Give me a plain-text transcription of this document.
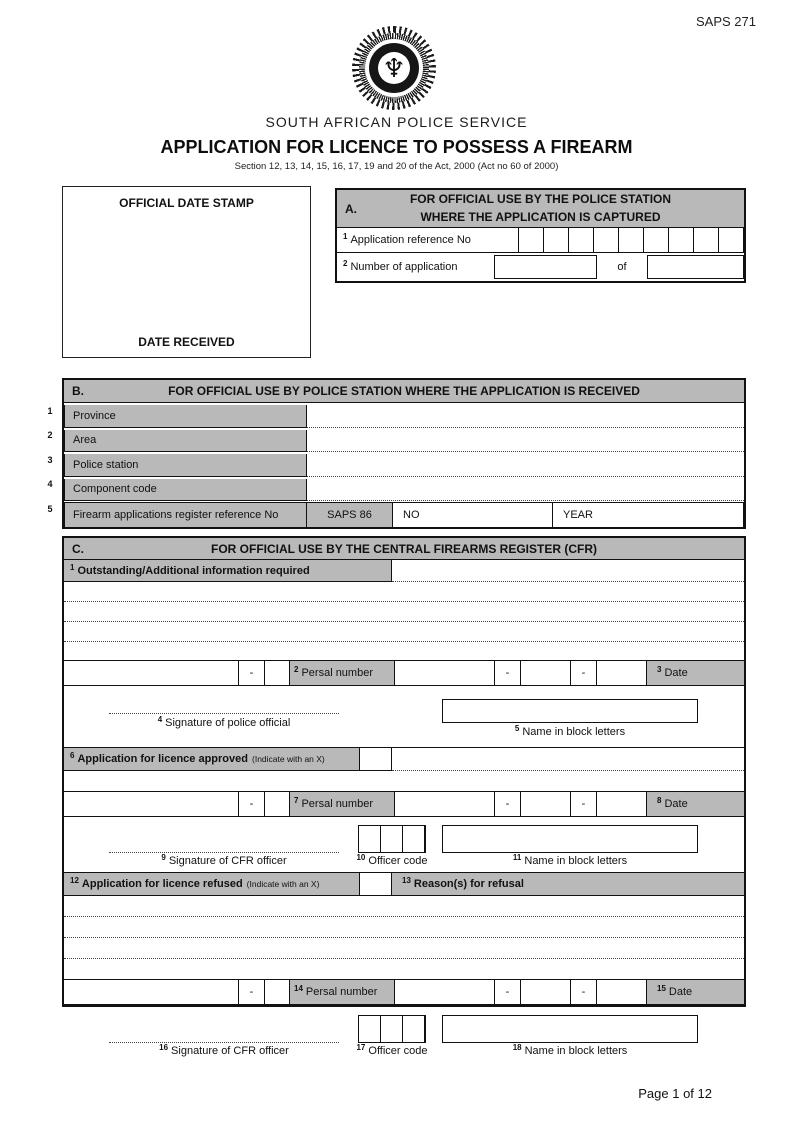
SAPS 271
♆
SOUTH AFRICAN POLICE SERVICE
APPLICATION FOR LICENCE TO POSSESS A FIREARM
Section 12, 13, 14, 15, 16, 17, 19 and 20 of the Act, 2000 (Act no 60 of 2000)
OFFICIAL DATE STAMP
DATE RECEIVED
A.
FOR OFFICIAL USE BY THE POLICE STATION
WHERE THE APPLICATION IS CAPTURED
$^1$ Application reference No
$^2$ Number of application	of
1
2
3
4
5
B.	FOR OFFICIAL USE BY POLICE STATION WHERE THE APPLICATION IS RECEIVED
Province
Area
Police station
Component code
Firearm applications register reference No	SAPS 86	NO	YEAR
C.	FOR OFFICIAL USE BY THE CENTRAL FIREARMS REGISTER (CFR)
$^1$ Outstanding/Additional information required
-	$^2$ Persal number	-	-	$^3$ Date
$^4$ Signature of police official	$^5$ Name in block letters
$^6$ Application for licence approved (Indicate with an X)
-	$^7$ Persal number	-	-	$^8$ Date
$^9$ Signature of CFR officer	$^{10}$ Officer code	$^{11}$ Name in block letters
$^{12}$ Application for licence refused (Indicate with an X)	$^{13}$ Reason(s) for refusal
-	$^{14}$ Persal number	-	-	$^{15}$ Date
$^{16}$ Signature of CFR officer	$^{17}$ Officer code	$^{18}$ Name in block letters
Page 1 of 12
